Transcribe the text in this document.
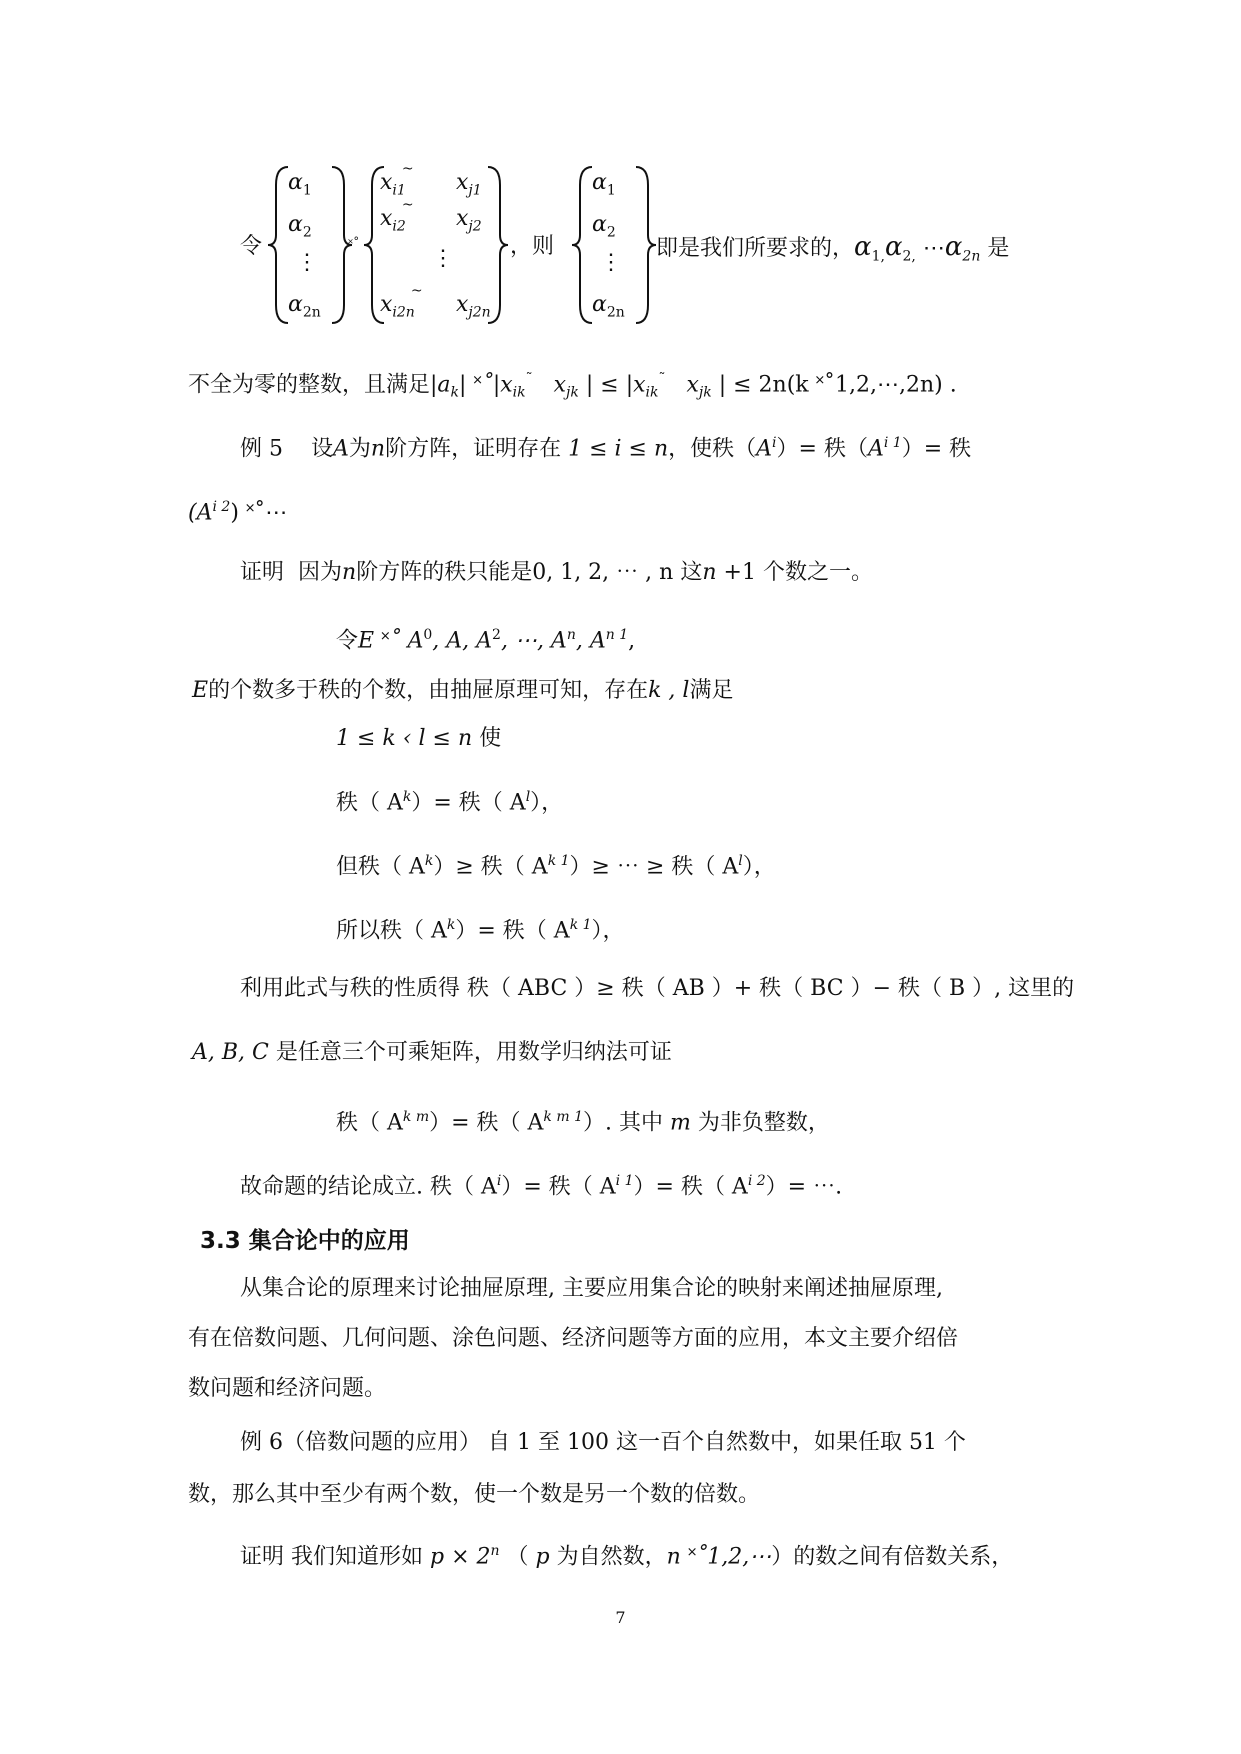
令
$\alpha_1$
$\alpha_2$
⋮
$\alpha_{2n}$
˟˚
$x_{i1}^\sim$
$x_{j1}$
$x_{i2}^\sim$
$x_{j2}$
⋮
$x_{i2n}^\sim$
$x_{j2n}$
，则
$\alpha_1$
$\alpha_2$
⋮
$\alpha_{2n}$
即是我们所要求的，$\alpha_{1,}\alpha_{2,}$ $\cdots\alpha_{2n}$ 是
不全为零的整数，且满足$|a_k|$ $˟˚|x_{ik}^˜$ $x_{jk}$ | ≤ $|x_{ik}^˜$ $x_{jk}$ | ≤ 2n(k ˟˚1,2,⋯,2n) .
例 5 设A为n阶方阵，证明存在 1 ≤ i ≤ n，使秩$(A^i)=$ 秩$(A^{i 1})=$ 秩
$(A^{i 2})$ ˟˚⋯
证明 因为n阶方阵的秩只能是0, 1, 2, ⋯ , n 这n +1 个数之一。
令E ˟˚ $A^0$, A, $A^2$, ⋯, $A^n$, $A^{n 1}$,
E的个数多于秩的个数，由抽屉原理可知，存在k , l满足
1 ≤ k ‹ l ≤ n 使
秩（ $A^k)=$ 秩（ $A^l$），
但秩（ $A^k)\ge$ 秩（ $A^{k 1})\ge$ ⋯ ≥ 秩（ $A^l$），
所以秩（ $A^k)=$ 秩（ $A^{k 1}$），
利用此式与秩的性质得 秩（ ABC ）≥ 秩（ AB ）+ 秩（ BC ）− 秩（ B ）, 这里的
A, B, C 是任意三个可乘矩阵，用数学归纳法可证
秩（ $A^{k m})=$ 秩（ $A^{k m 1}$）. 其中 m 为非负整数，
故命题的结论成立. 秩（ $A^i)=$ 秩（ $A^{i 1})=$ 秩（ $A^{i 2})=$ ⋯.
3.3 集合论中的应用
从集合论的原理来讨论抽屉原理, 主要应用集合论的映射来阐述抽屉原理,
有在倍数问题、几何问题、涂色问题、经济问题等方面的应用，本文主要介绍倍
数问题和经济问题。
例 6（倍数问题的应用） 自 1 至 100 这一百个自然数中，如果任取 51 个
数，那么其中至少有两个数，使一个数是另一个数的倍数。
证明 我们知道形如 $p \times 2^n$ （ p 为自然数，n ˟˚1,2,⋯）的数之间有倍数关系，
7
